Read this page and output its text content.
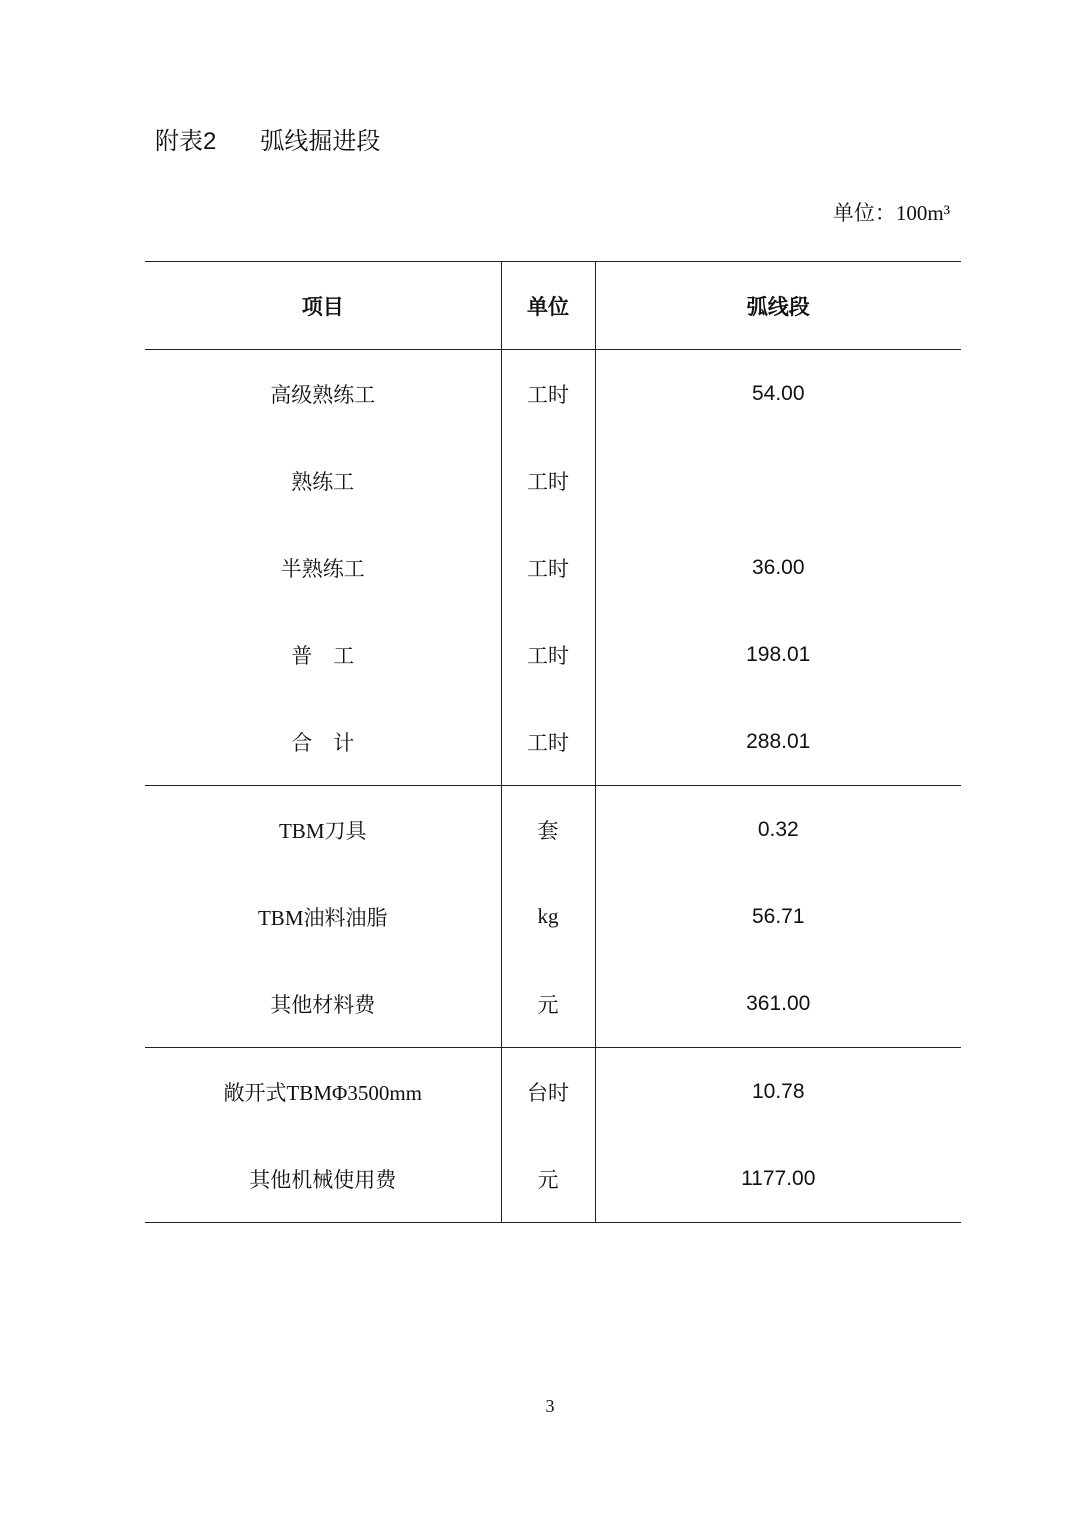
附表2 弧线掘进段
单位：100m³
项目	单位	弧线段
高级熟练工	工时	54.00
熟练工	工时	
半熟练工	工时	36.00
普　工	工时	198.01
合　计	工时	288.01
TBM刀具	套	0.32
TBM油料油脂	kg	56.71
其他材料费	元	361.00
敞开式TBMΦ3500mm	台时	10.78
其他机械使用费	元	1177.00
3
